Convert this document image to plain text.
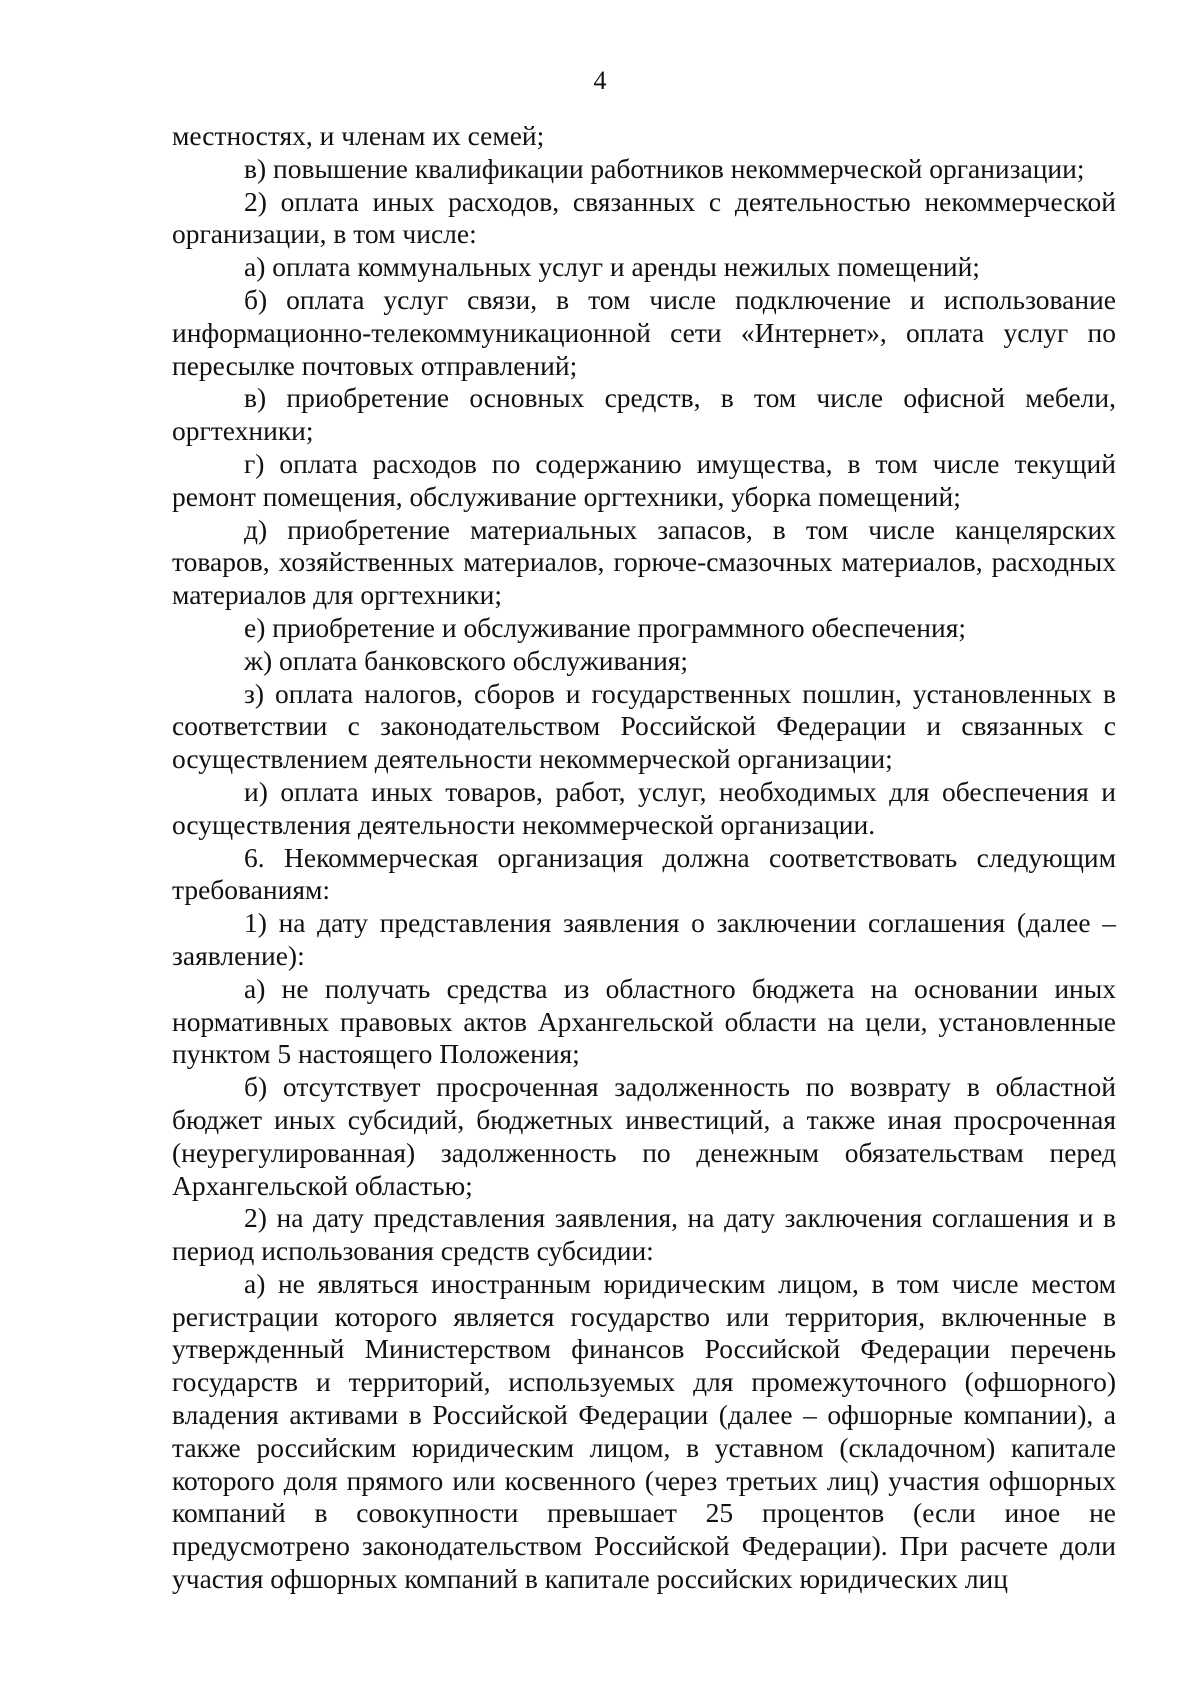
4

местностях, и членам их семей;

в) повышение квалификации работников некоммерческой организации;

2) оплата иных расходов, связанных с деятельностью некоммерческой организации, в том числе:

а) оплата коммунальных услуг и аренды нежилых помещений;

б) оплата услуг связи, в том числе подключение и использование информационно-телекоммуникационной сети «Интернет», оплата услуг по пересылке почтовых отправлений;

в) приобретение основных средств, в том числе офисной мебели, оргтехники;

г) оплата расходов по содержанию имущества, в том числе текущий ремонт помещения, обслуживание оргтехники, уборка помещений;

д) приобретение материальных запасов, в том числе канцелярских товаров, хозяйственных материалов, горюче-смазочных материалов, расходных материалов для оргтехники;

е) приобретение и обслуживание программного обеспечения;

ж) оплата банковского обслуживания;

з) оплата налогов, сборов и государственных пошлин, установленных в соответствии с законодательством Российской Федерации и связанных с осуществлением деятельности некоммерческой организации;

и) оплата иных товаров, работ, услуг, необходимых для обеспечения и осуществления деятельности некоммерческой организации.

6. Некоммерческая организация должна соответствовать следующим требованиям:

1) на дату представления заявления о заключении соглашения (далее – заявление):

а) не получать средства из областного бюджета на основании иных нормативных правовых актов Архангельской области на цели, установленные пунктом 5 настоящего Положения;

б) отсутствует просроченная задолженность по возврату в областной бюджет иных субсидий, бюджетных инвестиций, а также иная просроченная (неурегулированная) задолженность по денежным обязательствам перед Архангельской областью;

2) на дату представления заявления, на дату заключения соглашения и в период использования средств субсидии:

а) не являться иностранным юридическим лицом, в том числе местом регистрации которого является государство или территория, включенные в утвержденный Министерством финансов Российской Федерации перечень государств и территорий, используемых для промежуточного (офшорного) владения активами в Российской Федерации (далее – офшорные компании), а также российским юридическим лицом, в уставном (складочном) капитале которого доля прямого или косвенного (через третьих лиц) участия офшорных компаний в совокупности превышает 25 процентов (если иное не предусмотрено законодательством Российской Федерации). При расчете доли участия офшорных компаний в капитале российских юридических лиц
